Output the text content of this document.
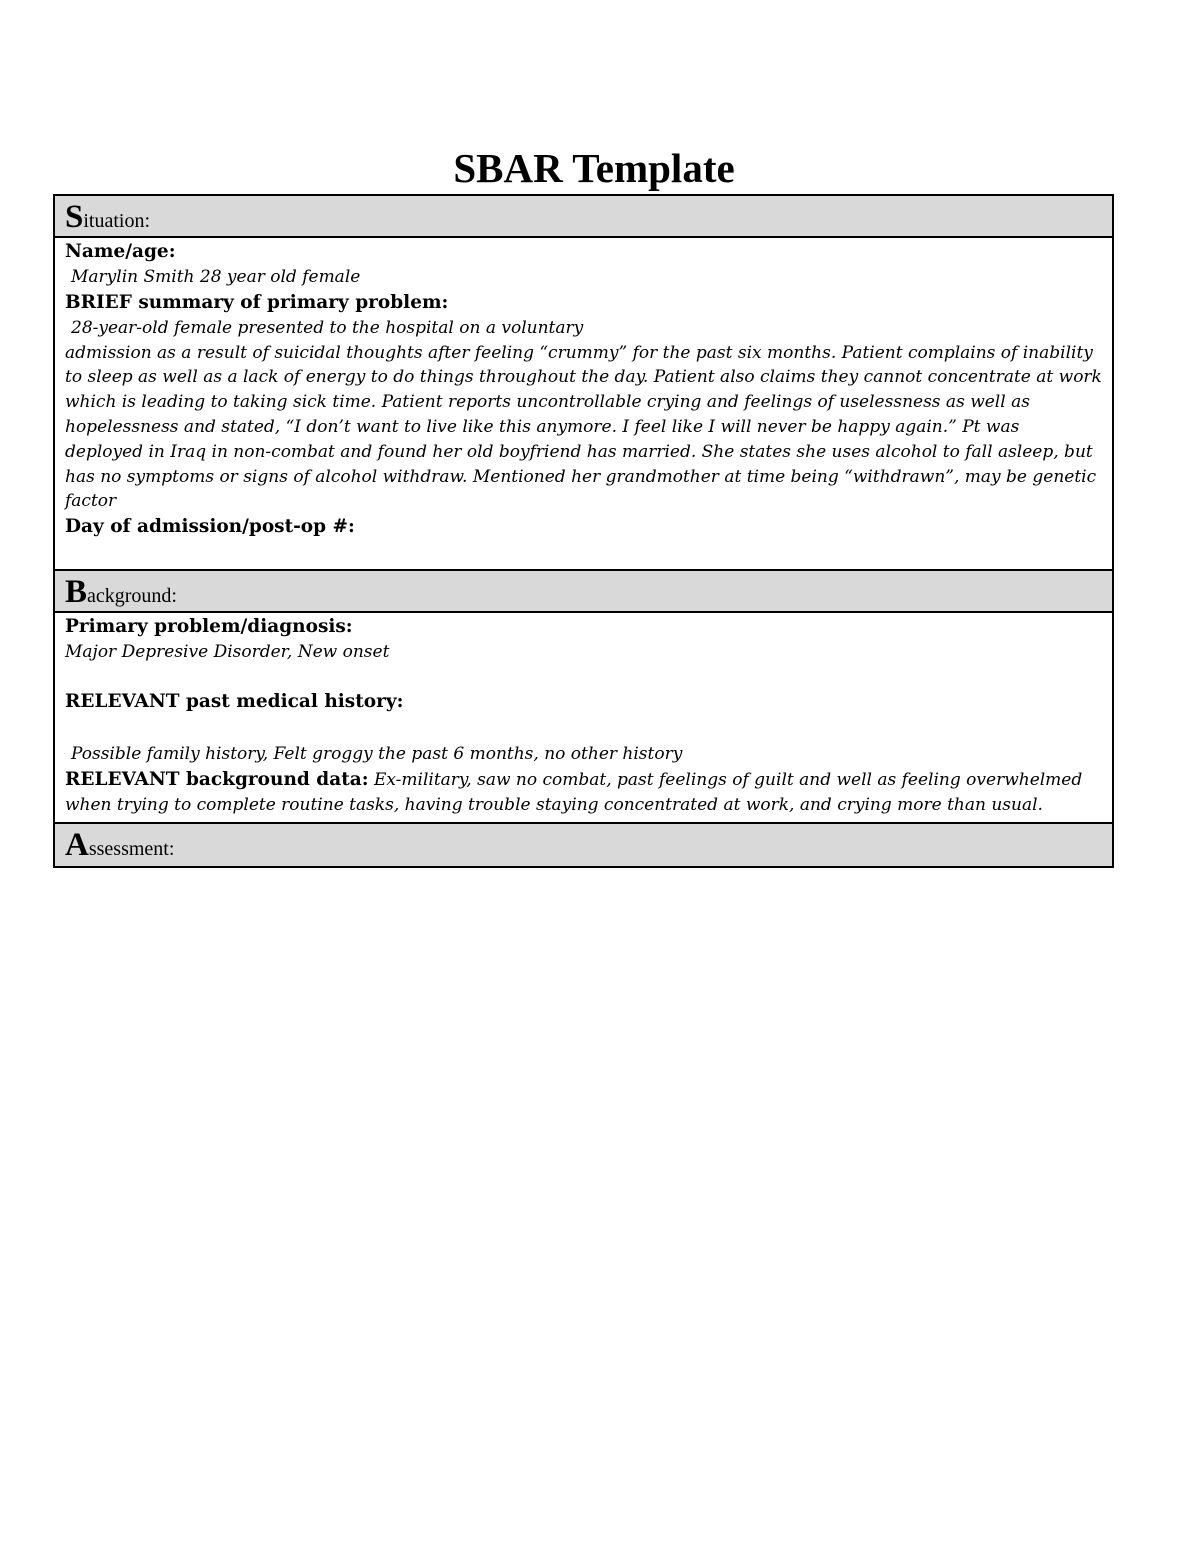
SBAR Template
Situation:
Name/age:
Marylin Smith 28 year old female
BRIEF summary of primary problem:
28-year-old female presented to the hospital on a voluntary
admission as a result of suicidal thoughts after feeling “crummy” for the past six months. Patient complains of inability to sleep as well as a lack of energy to do things throughout the day. Patient also claims they cannot concentrate at work which is leading to taking sick time. Patient reports uncontrollable crying and feelings of uselessness as well as hopelessness and stated, “I don’t want to live like this anymore. I feel like I will never be happy again.” Pt was deployed in Iraq in non-combat and found her old boyfriend has married. She states she uses alcohol to fall asleep, but has no symptoms or signs of alcohol withdraw. Mentioned her grandmother at time being “withdrawn”, may be genetic factor
Day of admission/post-op #:
Background:
Primary problem/diagnosis:
Major Depresive Disorder, New onset
RELEVANT past medical history:
Possible family history, Felt groggy the past 6 months, no other history
RELEVANT background data: Ex-military, saw no combat, past feelings of guilt and well as feeling overwhelmed when trying to complete routine tasks, having trouble staying concentrated at work, and crying more than usual.
Assessment:
